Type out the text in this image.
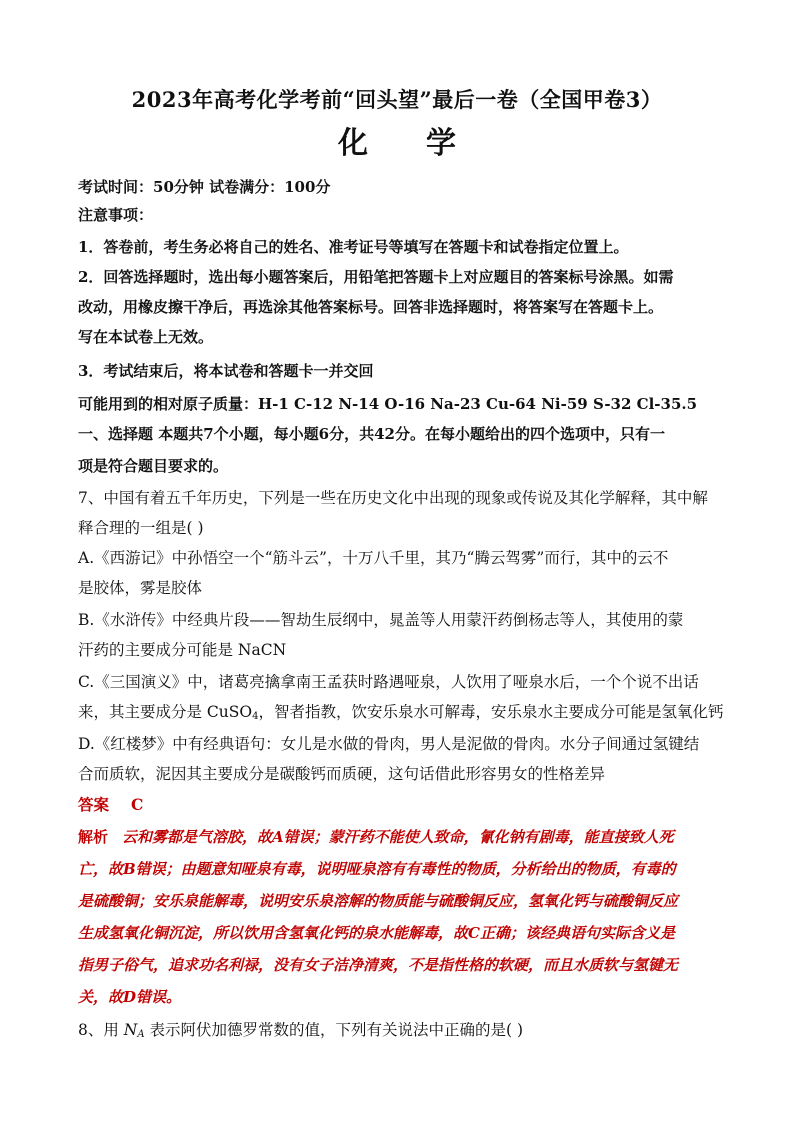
2023年高考化学考前“回头望”最后一卷（全国甲卷3）
化学
考试时间：50分钟 试卷满分：100分
注意事项：
1．答卷前，考生务必将自己的姓名、准考证号等填写在答题卡和试卷指定位置上。
2．回答选择题时，选出每小题答案后，用铅笔把答题卡上对应题目的答案标号涂黑。如需
改动，用橡皮擦干净后，再选涂其他答案标号。回答非选择题时，将答案写在答题卡上。
写在本试卷上无效。
3．考试结束后，将本试卷和答题卡一并交回
可能用到的相对原子质量：H-1 C-12 N-14 O-16 Na-23 Cu-64 Ni-59 S-32 Cl-35.5
一、选择题 本题共7个小题，每小题6分，共42分。在每小题给出的四个选项中，只有一
项是符合题目要求的。
7、中国有着五千年历史，下列是一些在历史文化中出现的现象或传说及其化学解释，其中解
释合理的一组是( )
A.《西游记》中孙悟空一个“筋斗云”，十万八千里，其乃“腾云驾雾”而行，其中的云不
是胶体，雾是胶体
B.《水浒传》中经典片段——智劫生辰纲中，晁盖等人用蒙汗药倒杨志等人，其使用的蒙
汗药的主要成分可能是 NaCN
C.《三国演义》中，诸葛亮擒拿南王孟获时路遇哑泉，人饮用了哑泉水后，一个个说不出话
来，其主要成分是 CuSO$_4$，智者指教，饮安乐泉水可解毒，安乐泉水主要成分可能是氢氧化钙
D.《红楼梦》中有经典语句：女儿是水做的骨肉，男人是泥做的骨肉。水分子间通过氢键结
合而质软，泥因其主要成分是碳酸钙而质硬，这句话借此形容男女的性格差异
答案 C
解析 云和雾都是气溶胶，故A错误；蒙汗药不能使人致命，氰化钠有剧毒，能直接致人死
亡，故B错误；由题意知哑泉有毒，说明哑泉溶有有毒性的物质，分析给出的物质，有毒的
是硫酸铜；安乐泉能解毒，说明安乐泉溶解的物质能与硫酸铜反应，氢氧化钙与硫酸铜反应
生成氢氧化铜沉淀，所以饮用含氢氧化钙的泉水能解毒，故C正确；该经典语句实际含义是
指男子俗气，追求功名利禄，没有女子洁净清爽，不是指性格的软硬，而且水质软与氢键无
关，故D错误。
8、用 $N_A$ 表示阿伏加德罗常数的值，下列有关说法中正确的是( )
